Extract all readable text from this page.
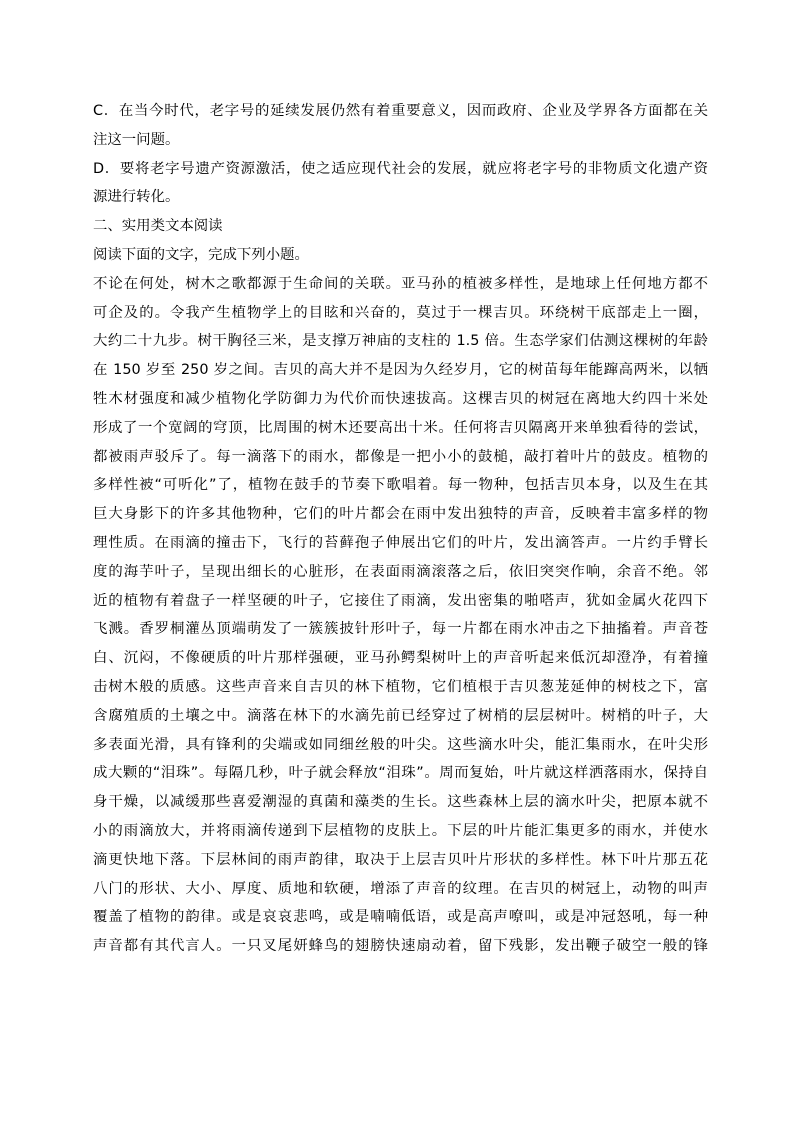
C．在当今时代，老字号的延续发展仍然有着重要意义，因而政府、企业及学界各方面都在关

注这一问题。

D．要将老字号遗产资源激活，使之适应现代社会的发展，就应将老字号的非物质文化遗产资

源进行转化。

二、实用类文本阅读

阅读下面的文字，完成下列小题。

不论在何处，树木之歌都源于生命间的关联。亚马孙的植被多样性，是地球上任何地方都不

可企及的。令我产生植物学上的目眩和兴奋的，莫过于一棵吉贝。环绕树干底部走上一圈，

大约二十九步。树干胸径三米，是支撑万神庙的支柱的 1.5 倍。生态学家们估测这棵树的年龄

在 150 岁至 250 岁之间。吉贝的高大并不是因为久经岁月，它的树苗每年能蹿高两米，以牺

牲木材强度和减少植物化学防御力为代价而快速拔高。这棵吉贝的树冠在离地大约四十米处

形成了一个宽阔的穹顶，比周围的树木还要高出十米。任何将吉贝隔离开来单独看待的尝试，

都被雨声驳斥了。每一滴落下的雨水，都像是一把小小的鼓槌，敲打着叶片的鼓皮。植物的

多样性被“可听化”了，植物在鼓手的节奏下歌唱着。每一物种，包括吉贝本身，以及生在其

巨大身影下的许多其他物种，它们的叶片都会在雨中发出独特的声音，反映着丰富多样的物

理性质。在雨滴的撞击下，飞行的苔藓孢子伸展出它们的叶片，发出滴答声。一片约手臂长

度的海芋叶子，呈现出细长的心脏形，在表面雨滴滚落之后，依旧突突作响，余音不绝。邻

近的植物有着盘子一样坚硬的叶子，它接住了雨滴，发出密集的啪嗒声，犹如金属火花四下

飞溅。香罗桐灌丛顶端萌发了一簇簇披针形叶子，每一片都在雨水冲击之下抽搐着。声音苍

白、沉闷，不像硬质的叶片那样强硬，亚马孙鳄梨树叶上的声音听起来低沉却澄净，有着撞

击树木般的质感。这些声音来自吉贝的林下植物，它们植根于吉贝葱茏延伸的树枝之下，富

含腐殖质的土壤之中。滴落在林下的水滴先前已经穿过了树梢的层层树叶。树梢的叶子，大

多表面光滑，具有锋利的尖端或如同细丝般的叶尖。这些滴水叶尖，能汇集雨水，在叶尖形

成大颗的“泪珠”。每隔几秒，叶子就会释放“泪珠”。周而复始，叶片就这样洒落雨水，保持自

身干燥，以减缓那些喜爱潮湿的真菌和藻类的生长。这些森林上层的滴水叶尖，把原本就不

小的雨滴放大，并将雨滴传递到下层植物的皮肤上。下层的叶片能汇集更多的雨水，并使水

滴更快地下落。下层林间的雨声韵律，取决于上层吉贝叶片形状的多样性。林下叶片那五花

八门的形状、大小、厚度、质地和软硬，增添了声音的纹理。在吉贝的树冠上，动物的叫声

覆盖了植物的韵律。或是哀哀悲鸣，或是喃喃低语，或是高声嘹叫，或是冲冠怒吼，每一种

声音都有其代言人。一只叉尾妍蜂鸟的翅膀快速扇动着，留下残影，发出鞭子破空一般的锋
